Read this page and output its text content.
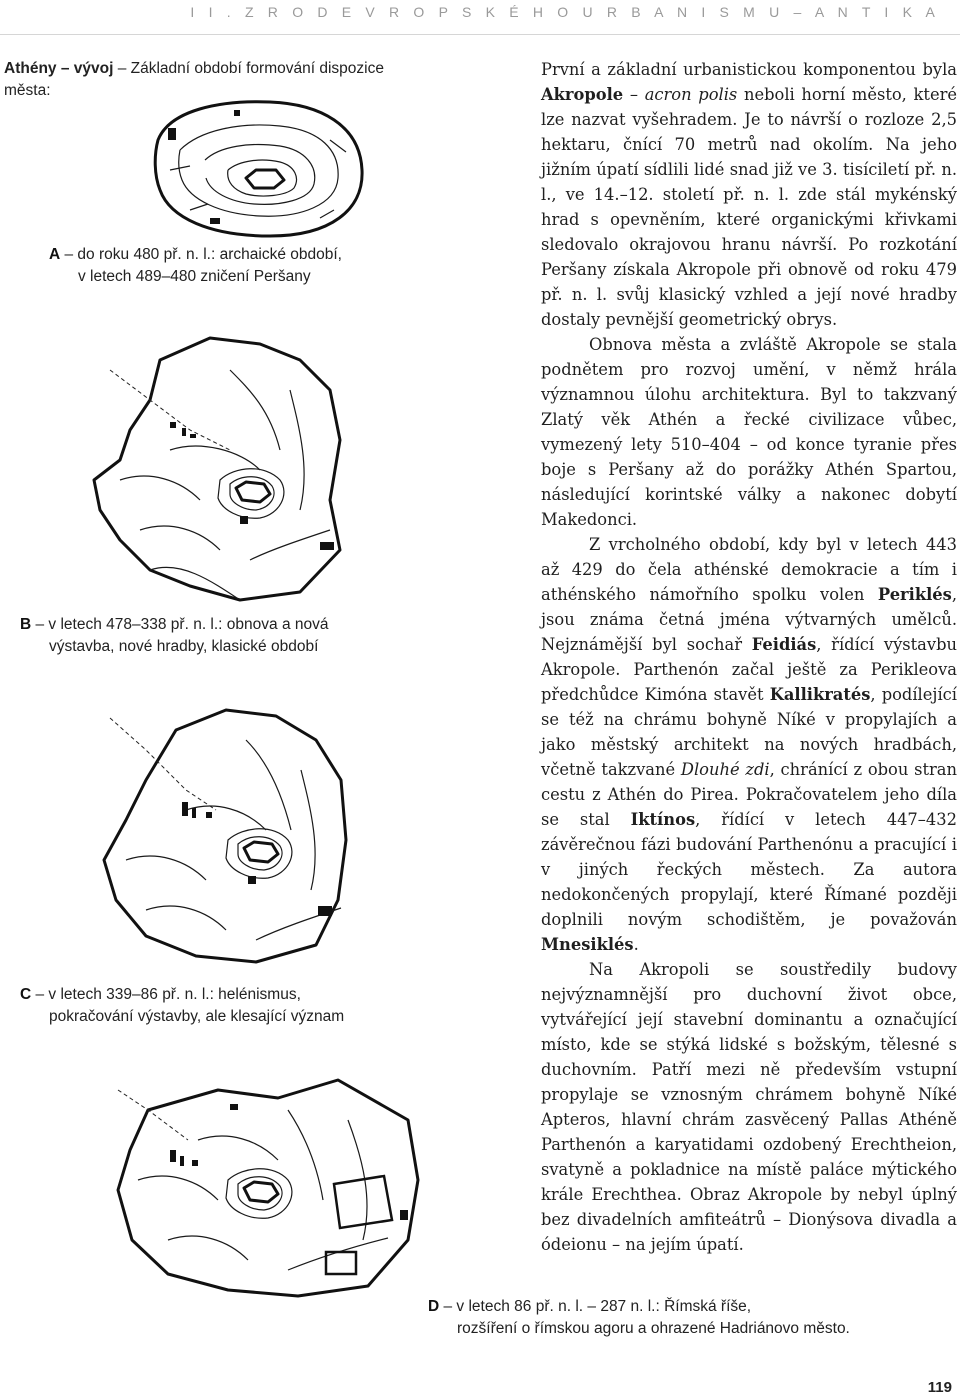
I I . Z R O D E V R O P S K É H O U R B A N I S M U – A N T I K A

Athény – vývoj – Základní období formování dispozice města:

A – do roku 480 př. n. l.: archaické období,
v letech 489–480 zničení Peršany

B – v letech 478–338 př. n. l.: obnova a nová
výstavba, nové hradby, klasické období

C – v letech 339–86 př. n. l.: helénismus,
pokračování výstavby, ale klesající význam

D – v letech 86 př. n. l. – 287 n. l.: Římská říše,
rozšíření o římskou agoru a ohrazené Hadriánovo město.

První a základní urbanistickou komponentou byla Akropole – acron polis neboli horní město, které lze nazvat vyšehradem. Je to návrší o rozloze 2,5 hektaru, čnící 70 metrů nad okolím. Na jeho jižním úpatí sídlili lidé snad již ve 3. tisíciletí př. n. l., ve 14.–12. století př. n. l. zde stál mykénský hrad s opevněním, které organickými křivkami sledovalo okrajovou hranu návrší. Po rozkotání Peršany získala Akropole při obnově od roku 479 př. n. l. svůj klasický vzhled a její nové hradby dostaly pevnější geometrický obrys.

Obnova města a zvláště Akropole se stala podnětem pro rozvoj umění, v němž hrála významnou úlohu architektura. Byl to takzvaný Zlatý věk Athén a řecké civilizace vůbec, vymezený lety 510–404 – od konce tyranie přes boje s Peršany až do porážky Athén Spartou, následující korintské války a nakonec dobytí Makedonci.

Z vrcholného období, kdy byl v letech 443 až 429 do čela athénské demokracie a tím i athénského námořního spolku volen Periklés, jsou známa četná jména výtvarných umělců. Nejznámější byl sochař Feidiás, řídící výstavbu Akropole. Parthenón začal ještě za Perikleova předchůdce Kimóna stavět Kallikratés, podílející se též na chrámu bohyně Níké v propylajích a jako městský architekt na nových hradbách, včetně takzvané Dlouhé zdi, chránící z obou stran cestu z Athén do Pirea. Pokračovatelem jeho díla se stal Iktínos, řídící v letech 447–432 závěrečnou fázi budování Parthenónu a pracující i v jiných řeckých městech. Za autora nedokončených propylají, které Římané později doplnili novým schodištěm, je považován Mnesiklés.

Na Akropoli se soustředily budovy nejvýznamnější pro duchovní život obce, vytvářející její stavební dominantu a označující místo, kde se stýká lidské s božským, tělesné s duchovním. Patří mezi ně především vstupní propylaje se vznosným chrámem bohyně Níké Apteros, hlavní chrám zasvěcený Pallas Athéně Parthenón a karyatidami ozdobený Erechtheion, svatyně a pokladnice na místě paláce mýtického krále Erechthea. Obraz Akropole by nebyl úplný bez divadelních amfiteátrů – Dionýsova divadla a ódeionu – na jejím úpatí.

119
